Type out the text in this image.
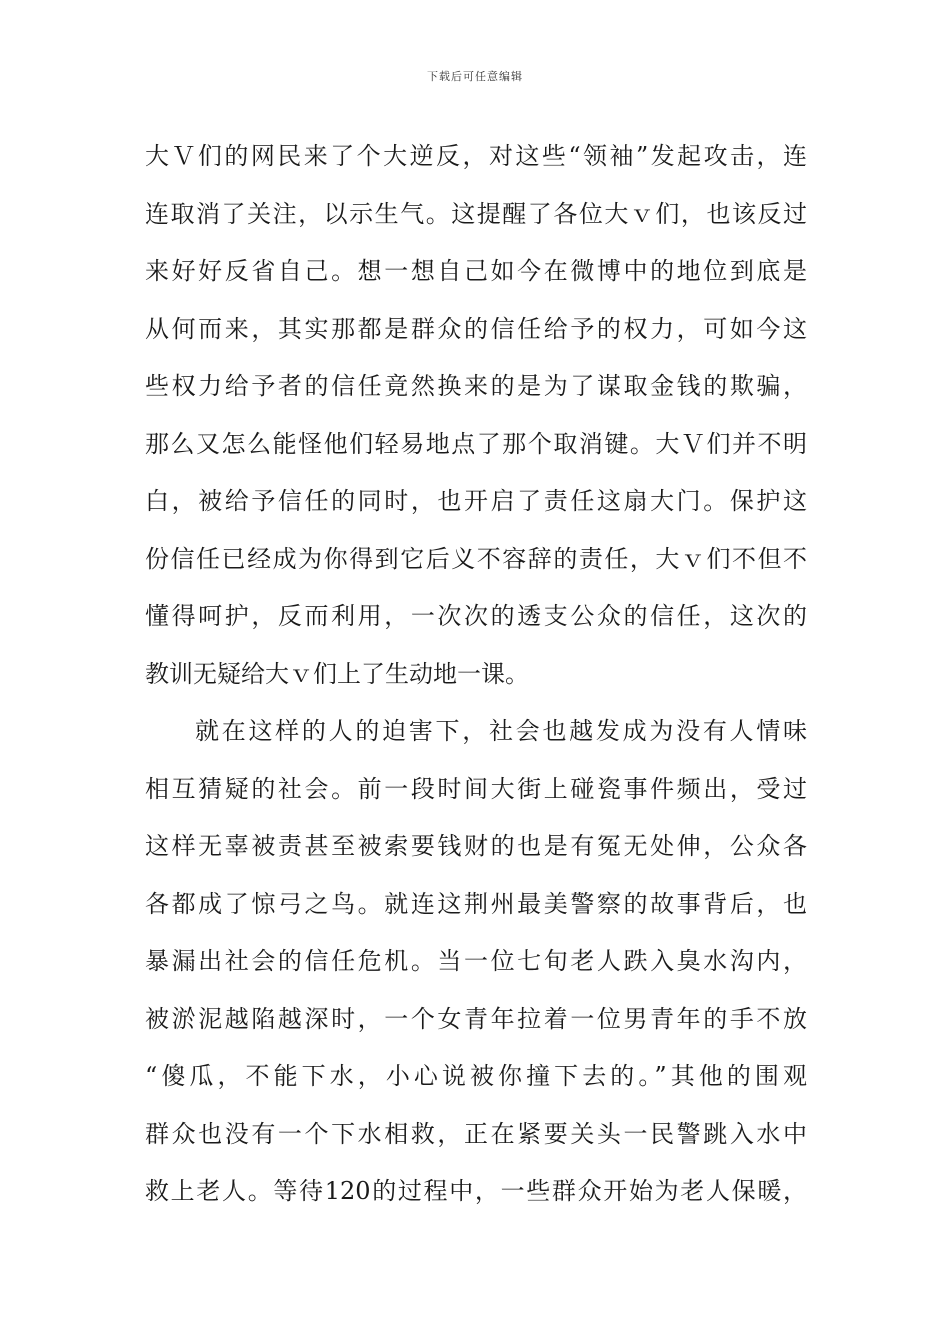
下载后可任意编辑
大Ｖ们的网民来了个大逆反，对这些“领袖”发起攻击，连
连取消了关注，以示生气。这提醒了各位大ｖ们，也该反过
来好好反省自己。想一想自己如今在微博中的地位到底是
从何而来，其实那都是群众的信任给予的权力，可如今这
些权力给予者的信任竟然换来的是为了谋取金钱的欺骗，
那么又怎么能怪他们轻易地点了那个取消键。大Ｖ们并不明
白，被给予信任的同时，也开启了责任这扇大门。保护这
份信任已经成为你得到它后义不容辞的责任，大ｖ们不但不
懂得呵护，反而利用，一次次的透支公众的信任，这次的
教训无疑给大ｖ们上了生动地一课。
就在这样的人的迫害下，社会也越发成为没有人情味
相互猜疑的社会。前一段时间大街上碰瓷事件频出，受过
这样无辜被责甚至被索要钱财的也是有冤无处伸，公众各
各都成了惊弓之鸟。就连这荆州最美警察的故事背后，也
暴漏出社会的信任危机。当一位七旬老人跌入臭水沟内，
被淤泥越陷越深时，一个女青年拉着一位男青年的手不放
“傻瓜，不能下水，小心说被你撞下去的。”其他的围观
群众也没有一个下水相救，正在紧要关头一民警跳入水中
救上老人。等待120的过程中，一些群众开始为老人保暖，
